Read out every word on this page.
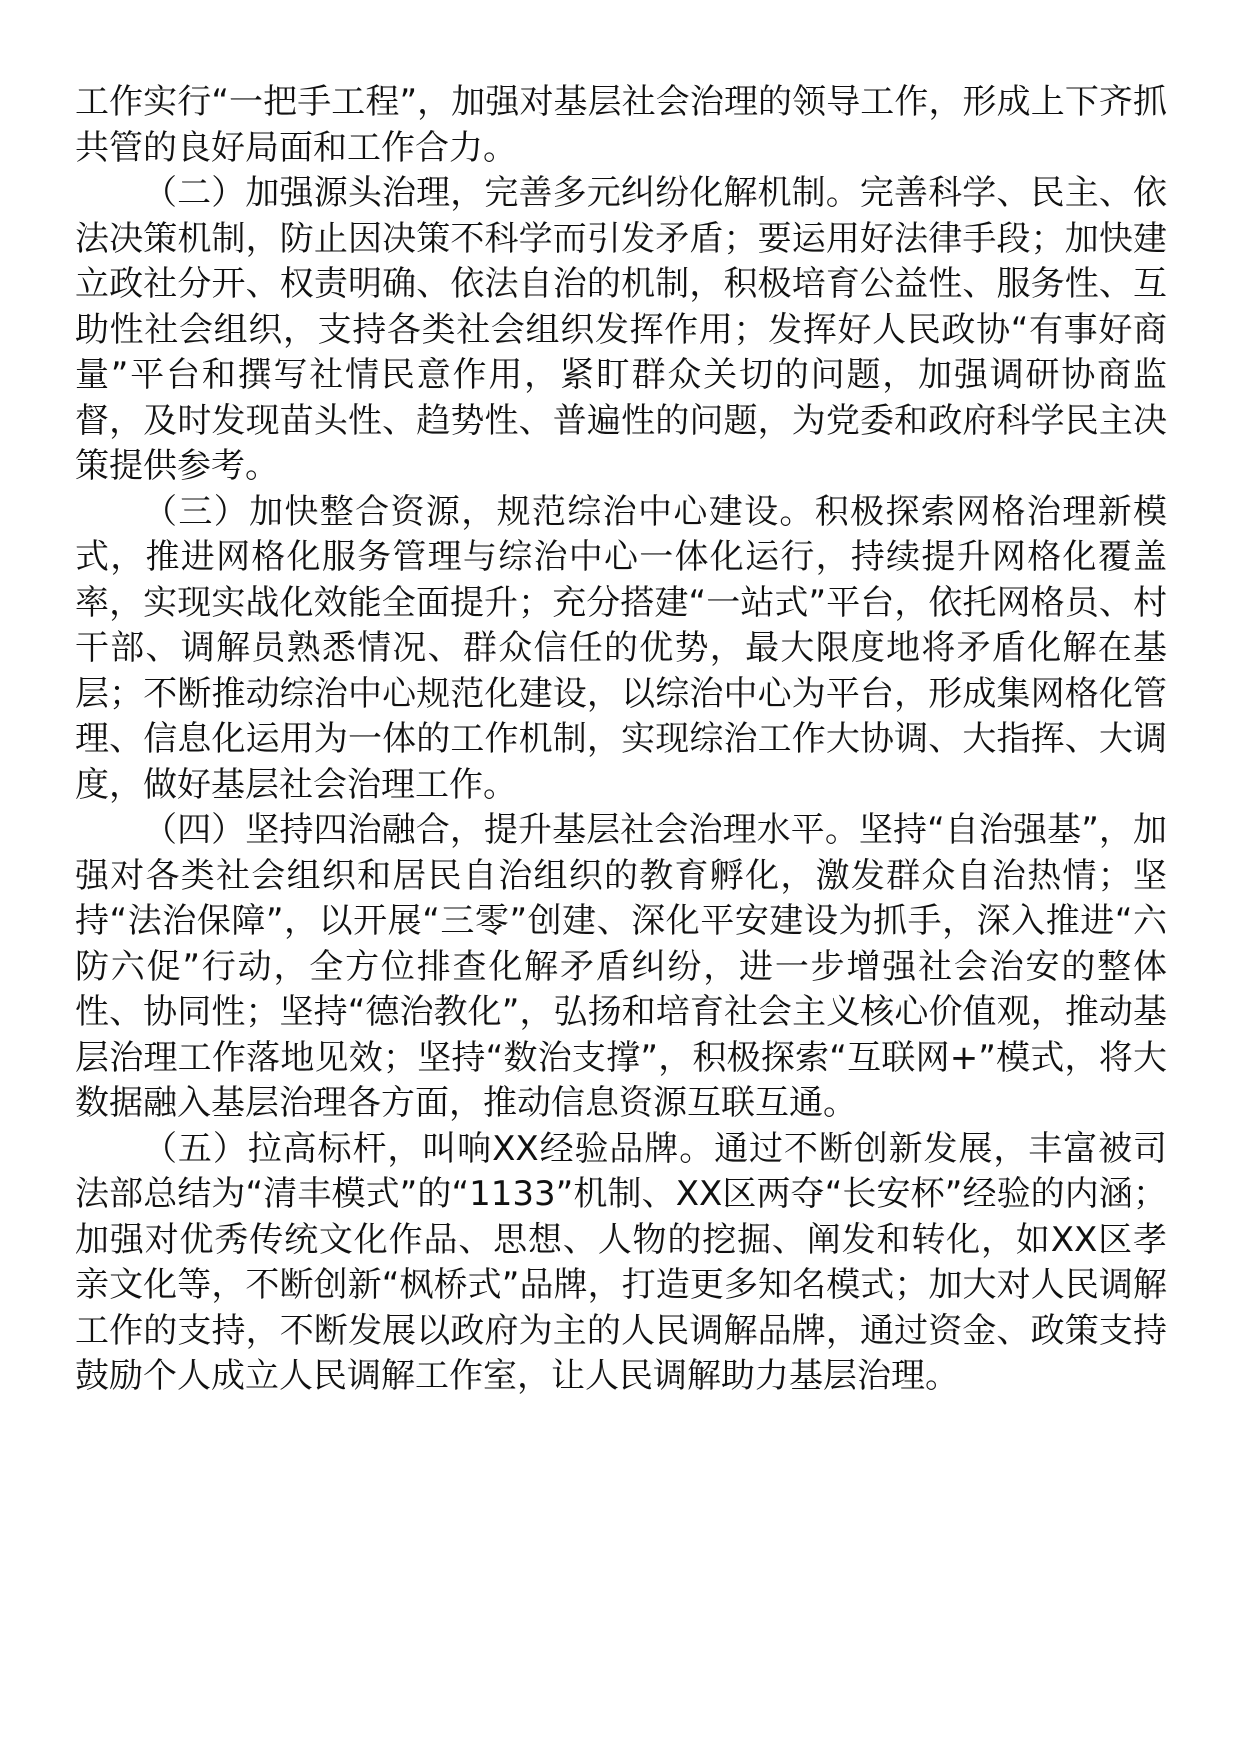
工作实行“一把手工程”，加强对基层社会治理的领导工作，形成上下齐抓共管的良好局面和工作合力。

（二）加强源头治理，完善多元纠纷化解机制。完善科学、民主、依法决策机制，防止因决策不科学而引发矛盾；要运用好法律手段；加快建立政社分开、权责明确、依法自治的机制，积极培育公益性、服务性、互助性社会组织，支持各类社会组织发挥作用；发挥好人民政协“有事好商量”平台和撰写社情民意作用，紧盯群众关切的问题，加强调研协商监督，及时发现苗头性、趋势性、普遍性的问题，为党委和政府科学民主决策提供参考。

（三）加快整合资源，规范综治中心建设。积极探索网格治理新模式，推进网格化服务管理与综治中心一体化运行，持续提升网格化覆盖率，实现实战化效能全面提升；充分搭建“一站式”平台，依托网格员、村干部、调解员熟悉情况、群众信任的优势，最大限度地将矛盾化解在基层；不断推动综治中心规范化建设，以综治中心为平台，形成集网格化管理、信息化运用为一体的工作机制，实现综治工作大协调、大指挥、大调度，做好基层社会治理工作。

（四）坚持四治融合，提升基层社会治理水平。坚持“自治强基”，加强对各类社会组织和居民自治组织的教育孵化，激发群众自治热情；坚持“法治保障”，以开展“三零”创建、深化平安建设为抓手，深入推进“六防六促”行动，全方位排查化解矛盾纠纷，进一步增强社会治安的整体性、协同性；坚持“德治教化”，弘扬和培育社会主义核心价值观，推动基层治理工作落地见效；坚持“数治支撑”，积极探索“互联网+”模式，将大数据融入基层治理各方面，推动信息资源互联互通。

（五）拉高标杆，叫响XX经验品牌。通过不断创新发展，丰富被司法部总结为“清丰模式”的“1133”机制、XX区两夺“长安杯”经验的内涵；加强对优秀传统文化作品、思想、人物的挖掘、阐发和转化，如XX区孝亲文化等，不断创新“枫桥式”品牌，打造更多知名模式；加大对人民调解工作的支持，不断发展以政府为主的人民调解品牌，通过资金、政策支持鼓励个人成立人民调解工作室，让人民调解助力基层治理。
